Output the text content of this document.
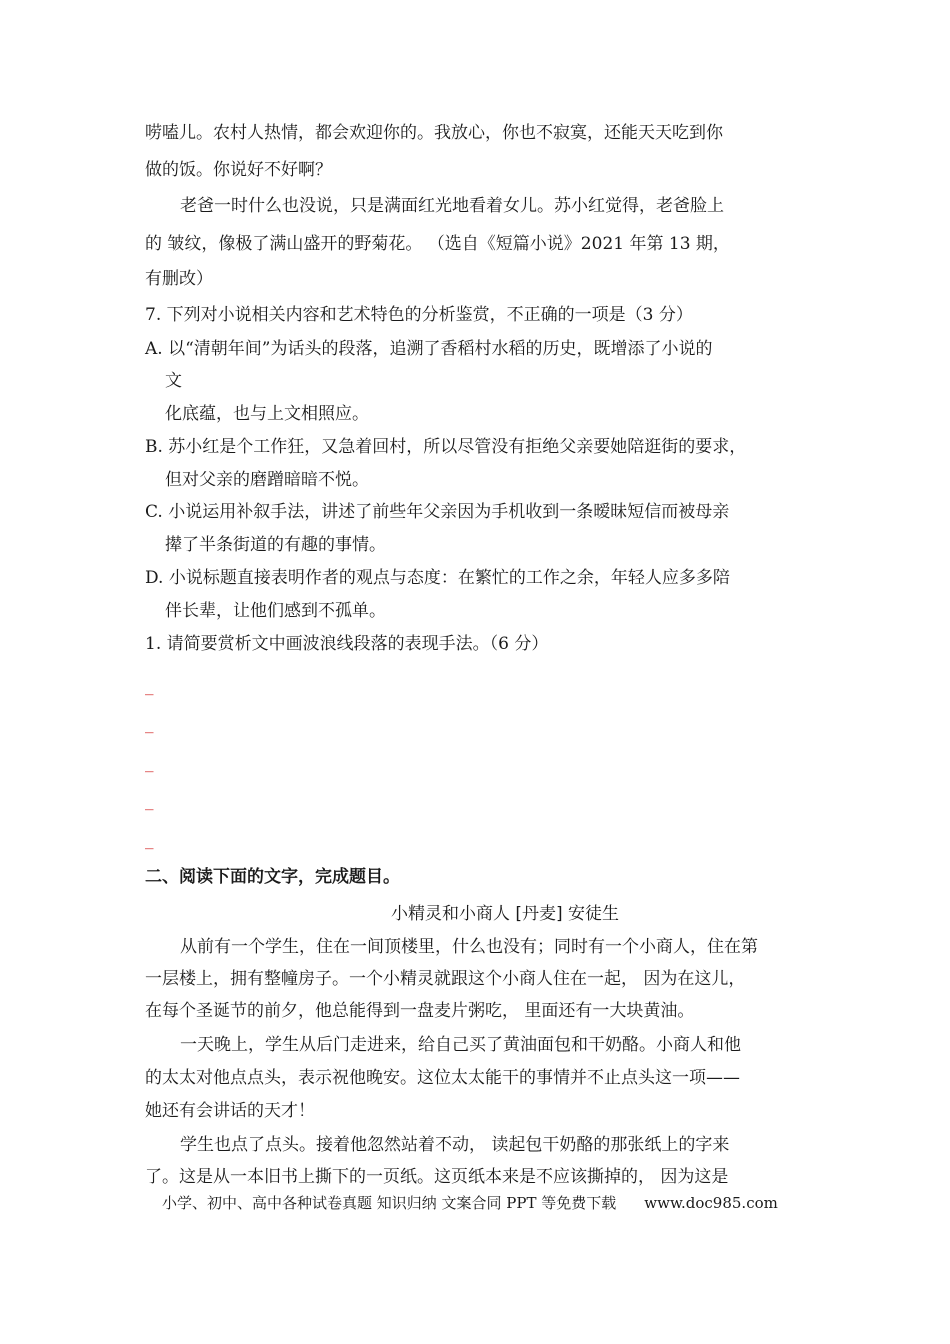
唠嗑儿。农村人热情，都会欢迎你的。我放心，你也不寂寞，还能天天吃到你
做的饭。你说好不好啊？
老爸一时什么也没说，只是满面红光地看着女儿。苏小红觉得，老爸脸上
的 皱纹，像极了满山盛开的野菊花。 （选自《短篇小说》2021 年第 13 期，
有删改）
7. 下列对小说相关内容和艺术特色的分析鉴赏，不正确的一项是（3 分）
A. 以“清朝年间”为话头的段落，追溯了香稻村水稻的历史，既增添了小说的
文
化底蕴，也与上文相照应。
B. 苏小红是个工作狂，又急着回村，所以尽管没有拒绝父亲要她陪逛街的要求，
但对父亲的磨蹭暗暗不悦。
C. 小说运用补叙手法，讲述了前些年父亲因为手机收到一条暧昧短信而被母亲
撵了半条街道的有趣的事情。
D. 小说标题直接表明作者的观点与态度：在繁忙的工作之余，年轻人应多多陪
伴长辈，让他们感到不孤单。
1. 请简要赏析文中画波浪线段落的表现手法。（6 分）
_
_
_
_
_
二、阅读下面的文字，完成题目。
小精灵和小商人 [丹麦] 安徒生
从前有一个学生，住在一间顶楼里，什么也没有；同时有一个小商人，住在第
一层楼上，拥有整幢房子。一个小精灵就跟这个小商人住在一起， 因为在这儿，
在每个圣诞节的前夕，他总能得到一盘麦片粥吃， 里面还有一大块黄油。
一天晚上，学生从后门走进来，给自己买了黄油面包和干奶酪。小商人和他
的太太对他点点头，表示祝他晚安。这位太太能干的事情并不止点头这一项——
她还有会讲话的天才！
学生也点了点头。接着他忽然站着不动， 读起包干奶酪的那张纸上的字来
了。这是从一本旧书上撕下的一页纸。这页纸本来是不应该撕掉的， 因为这是
小学、初中、高中各种试卷真题 知识归纳 文案合同 PPT 等免费下载 www.doc985.com
